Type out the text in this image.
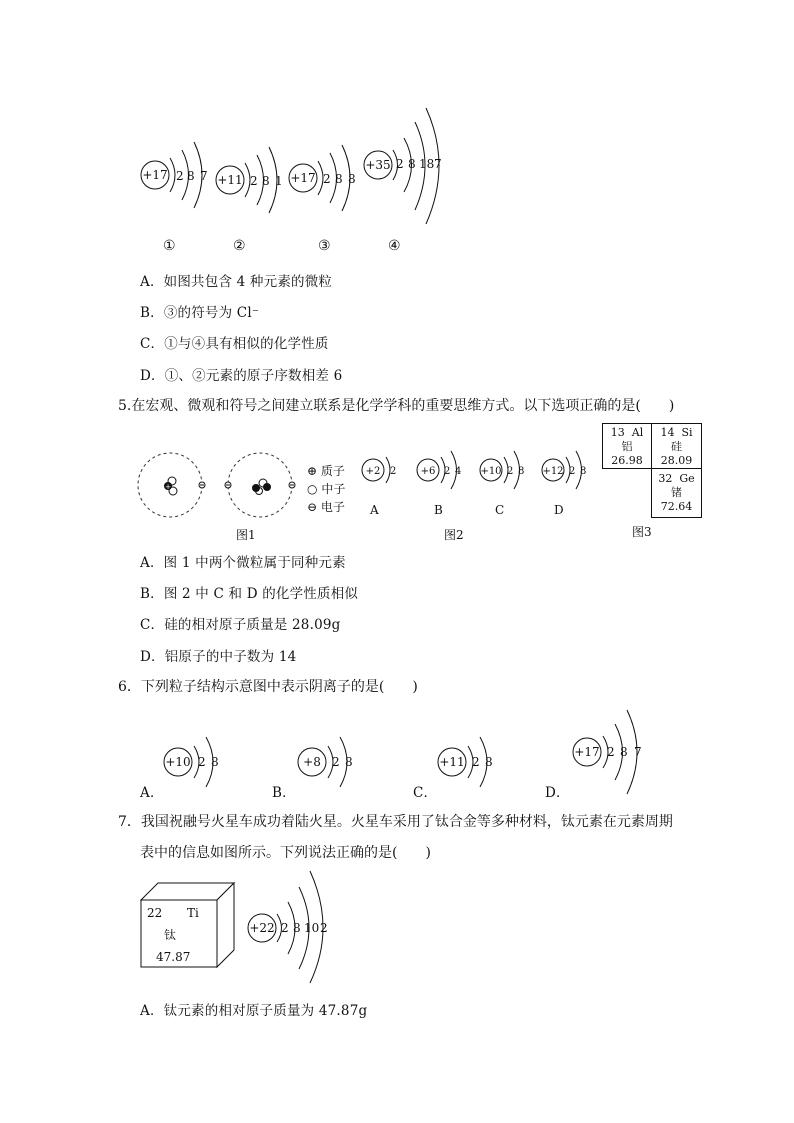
+17 2 8 7 +11 2 8 1 +17 2 8 8
+35 2 8 18 7
①	②	③	④
A．如图共包含 4 种元素的微粒
B．③的符号为 Cl⁻
C．①与④具有相似的化学性质
D．①、②元素的原子序数相差 6
5.在宏观、微观和符号之间建立联系是化学学科的重要思维方式。以下选项正确的是(　　)
+
⊕ 质子
○ 中子
⊖ 电子
图1
+2 2 +6 2 4 +10 2 8 +12 2 8
A	B	C	D
图2
13 Al
铝
26.98
14 Si
硅
28.09
32 Ge
锗
72.64
图3
A．图 1 中两个微粒属于同种元素
B．图 2 中 C 和 D 的化学性质相似
C．硅的相对原子质量是 28.09g
D．铝原子的中子数为 14
6．下列粒子结构示意图中表示阴离子的是(　　)
A．	B．	C．	D．
+10 2 8	+8 2 8	+11 2 8
+17 2 8 7
7．我国祝融号火星车成功着陆火星。火星车采用了钛合金等多种材料，钛元素在元素周期
表中的信息如图所示。下列说法正确的是(　　)
22 Ti
钛
47.87
+22 2 8 10 2
A．钛元素的相对原子质量为 47.87g
